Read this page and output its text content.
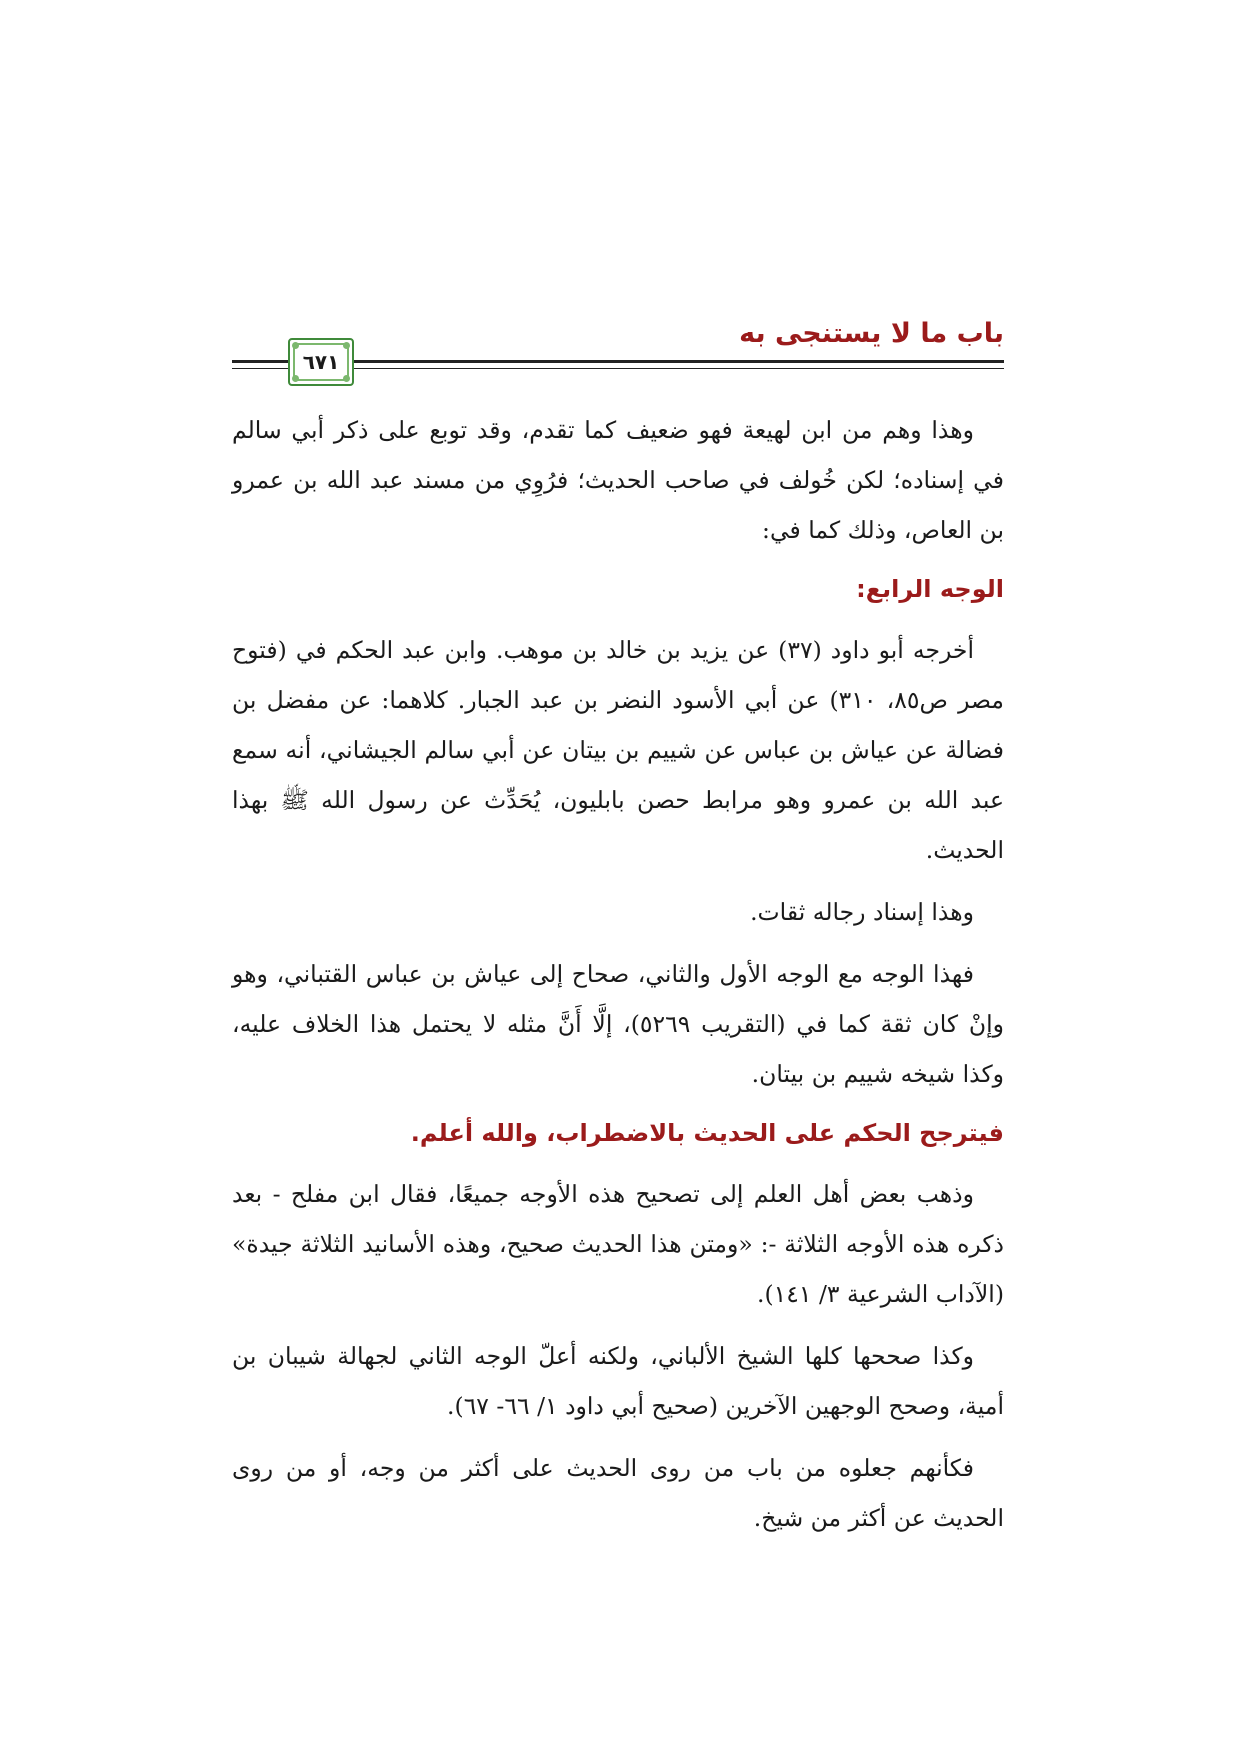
باب ما لا يستنجى به
٦٧١

وهذا وهم من ابن لهيعة فهو ضعيف كما تقدم، وقد توبع على ذكر أبي سالم في إسناده؛ لكن خُولف في صاحب الحديث؛ فرُوِي من مسند عبد الله بن عمرو بن العاص، وذلك كما في:

الوجه الرابع:

أخرجه أبو داود (٣٧) عن يزيد بن خالد بن موهب. وابن عبد الحكم في (فتوح مصر ص٨٥، ٣١٠) عن أبي الأسود النضر بن عبد الجبار. كلاهما: عن مفضل بن فضالة عن عياش بن عباس عن شييم بن بيتان عن أبي سالم الجيشاني، أنه سمع عبد الله بن عمرو وهو مرابط حصن بابليون، يُحَدِّث عن رسول الله ﷺ بهذا الحديث.

وهذا إسناد رجاله ثقات.

فهذا الوجه مع الوجه الأول والثاني، صحاح إلى عياش بن عباس القتباني، وهو وإنْ كان ثقة كما في (التقريب ٥٢٦٩)، إلَّا أَنَّ مثله لا يحتمل هذا الخلاف عليه، وكذا شيخه شييم بن بيتان.

فيترجح الحكم على الحديث بالاضطراب، والله أعلم.

وذهب بعض أهل العلم إلى تصحيح هذه الأوجه جميعًا، فقال ابن مفلح - بعد ذكره هذه الأوجه الثلاثة -: «ومتن هذا الحديث صحيح، وهذه الأسانيد الثلاثة جيدة» (الآداب الشرعية ٣/ ١٤١).

وكذا صححها كلها الشيخ الألباني، ولكنه أعلّ الوجه الثاني لجهالة شيبان بن أمية، وصحح الوجهين الآخرين (صحيح أبي داود ١/ ٦٦- ٦٧).

فكأنهم جعلوه من باب من روى الحديث على أكثر من وجه، أو من روى الحديث عن أكثر من شيخ.
